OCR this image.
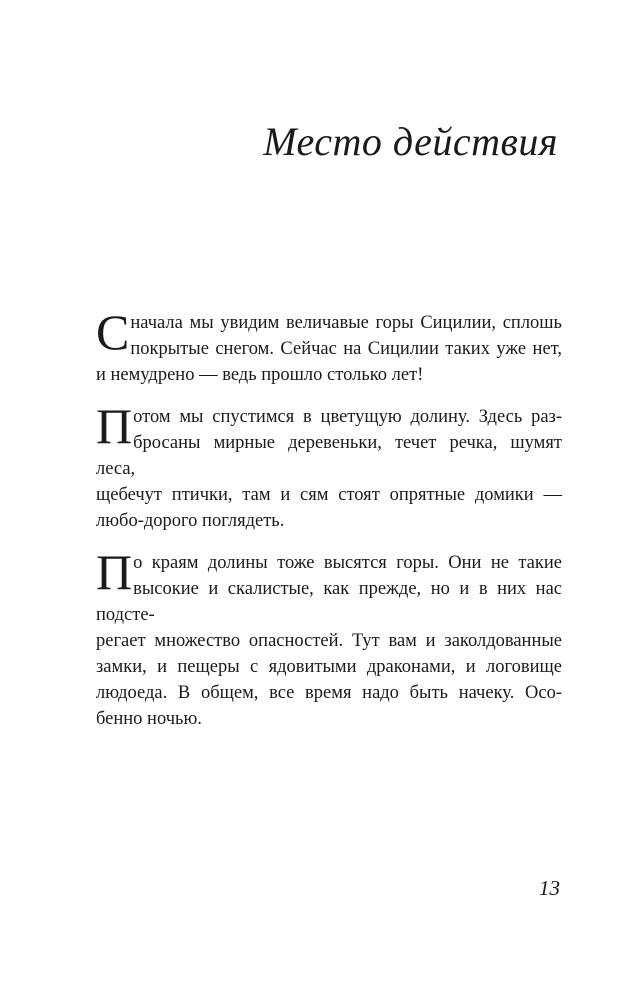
Место действия

С начала мы увидим величавые горы Сицилии, сплошь
покрытые снегом. Сейчас на Сицилии таких уже нет,
и немудрено — ведь прошло столько лет!

П отом мы спустимся в цветущую долину. Здесь раз-
бросаны мирные деревеньки, течет речка, шумят леса,
щебечут птички, там и сям стоят опрятные домики —
любо-дорого поглядеть.

П о краям долины тоже высятся горы. Они не такие
высокие и скалистые, как прежде, но и в них нас подсте-
регает множество опасностей. Тут вам и заколдованные
замки, и пещеры с ядовитыми драконами, и логовище
людоеда. В общем, все время надо быть начеку. Осо-
бенно ночью.

13
